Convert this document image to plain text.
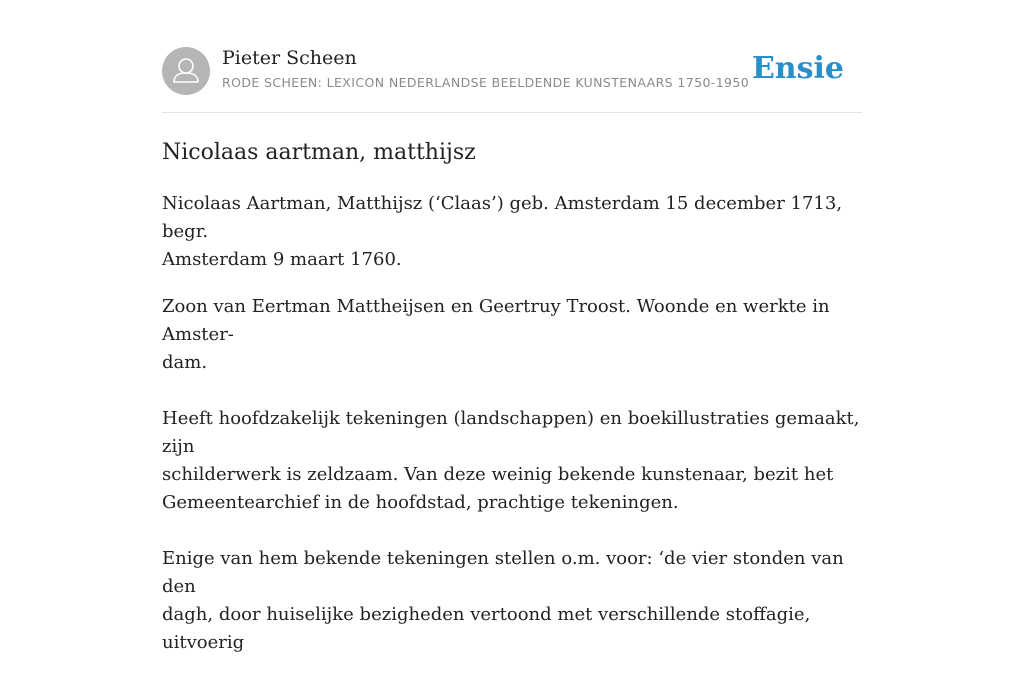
Pieter Scheen
RODE SCHEEN: LEXICON NEDERLANDSE BEELDENDE KUNSTENAARS 1750-1950 Ensie
Nicolaas aartman, matthijsz

Nicolaas Aartman, Matthijsz (‘Claas’) geb. Amsterdam 15 december 1713, begr.
Amsterdam 9 maart 1760.

Zoon van Eertman Mattheijsen en Geertruy Troost. Woonde en werkte in Amster-
dam.

Heeft hoofdzakelijk tekeningen (landschappen) en boekillustraties gemaakt, zijn
schilderwerk is zeldzaam. Van deze weinig bekende kunstenaar, bezit het
Gemeentearchief in de hoofdstad, prachtige tekeningen.

Enige van hem bekende tekeningen stellen o.m. voor: ‘de vier stonden van den
dagh, door huiselijke bezigheden vertoond met verschillende stoffagie, uitvoerig
